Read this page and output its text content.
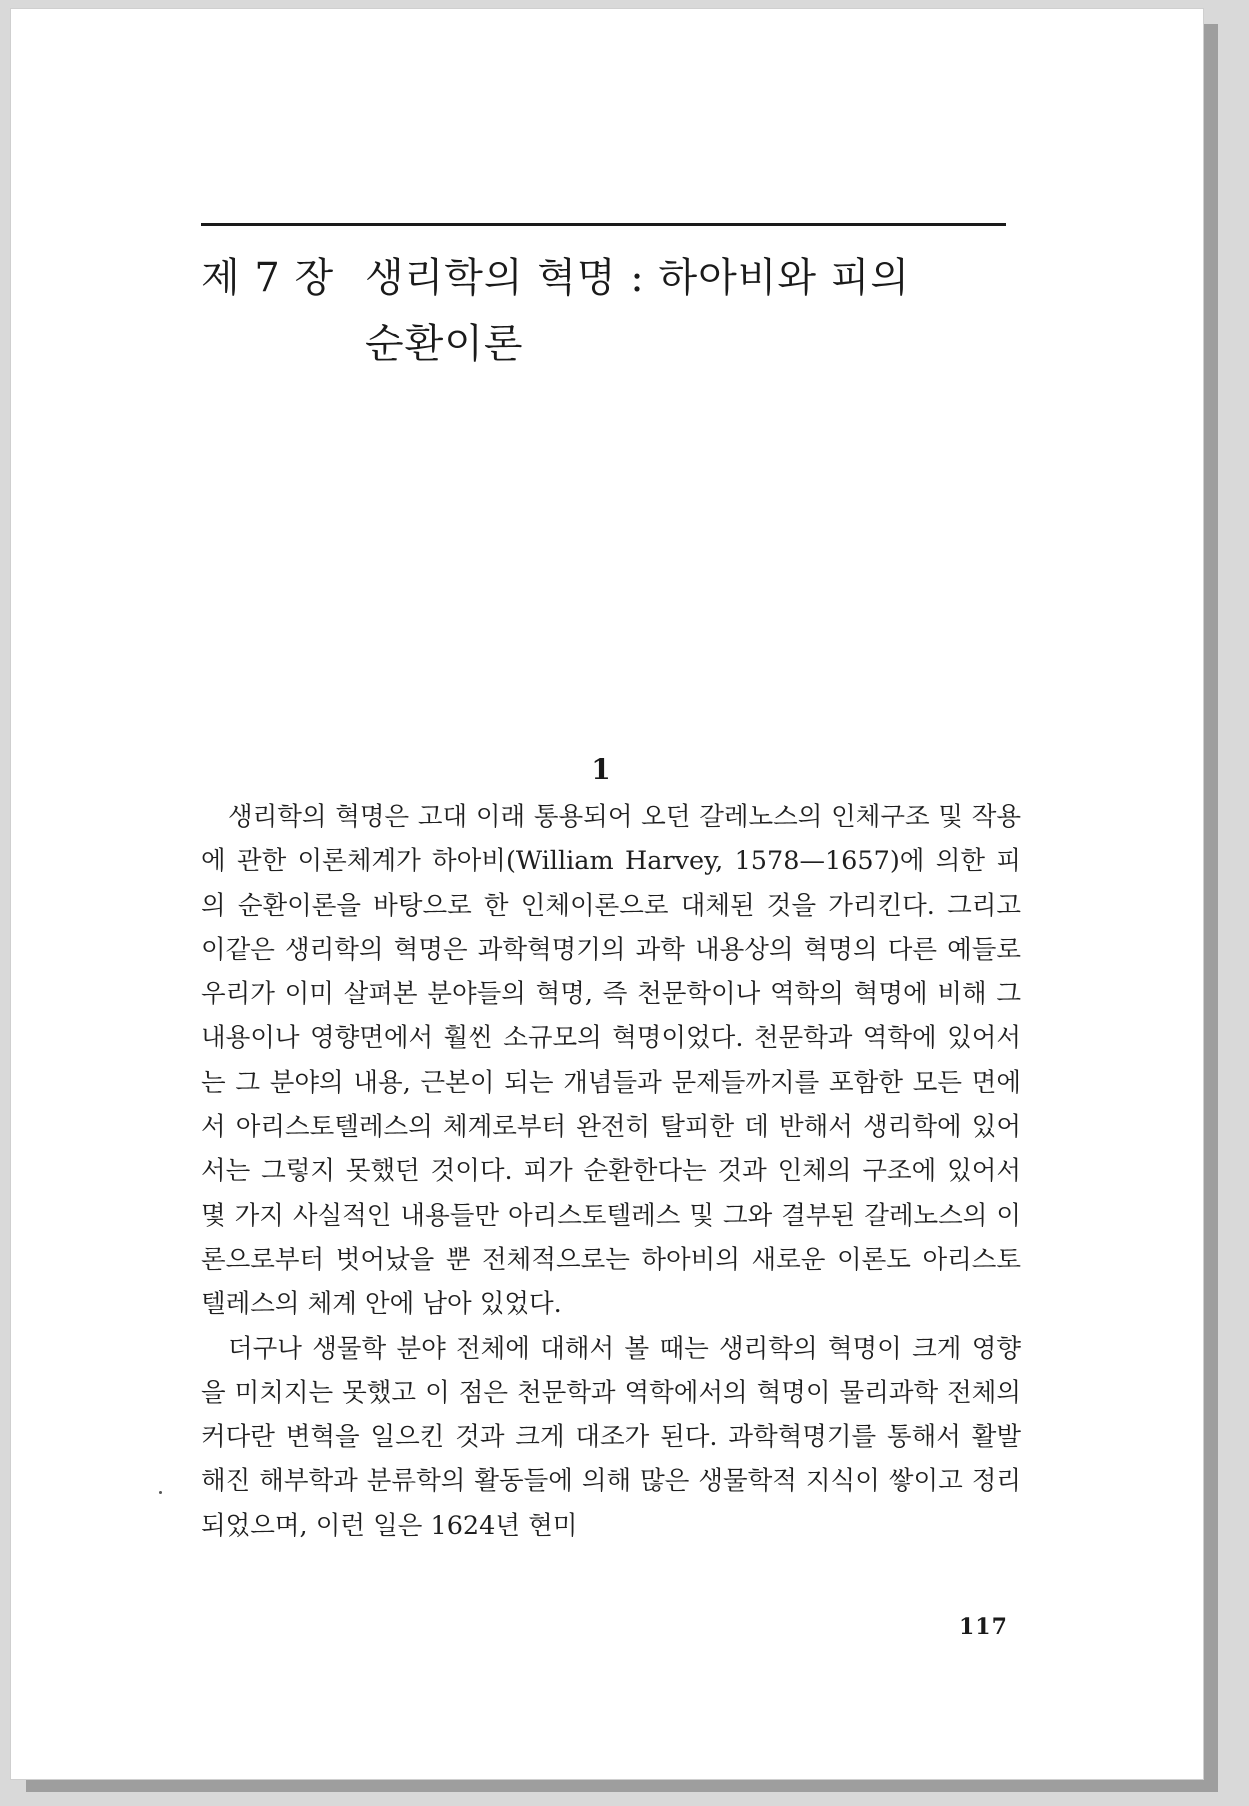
제 7 장 생리학의 혁명 : 하아비와 피의
순환이론
1

생리학의 혁명은 고대 이래 통용되어 오던 갈레노스의 인체구조 및 작용에 관한 이론체계가 하아비(William Harvey, 1578—1657)에 의한 피의 순환이론을 바탕으로 한 인체이론으로 대체된 것을 가리킨다. 그리고 이같은 생리학의 혁명은 과학혁명기의 과학 내용상의 혁명의 다른 예들로 우리가 이미 살펴본 분야들의 혁명, 즉 천문학이나 역학의 혁명에 비해 그 내용이나 영향면에서 훨씬 소규모의 혁명이었다. 천문학과 역학에 있어서는 그 분야의 내용, 근본이 되는 개념들과 문제들까지를 포함한 모든 면에서 아리스토텔레스의 체계로부터 완전히 탈피한 데 반해서 생리학에 있어서는 그렇지 못했던 것이다. 피가 순환한다는 것과 인체의 구조에 있어서 몇 가지 사실적인 내용들만 아리스토텔레스 및 그와 결부된 갈레노스의 이론으로부터 벗어났을 뿐 전체적으로는 하아비의 새로운 이론도 아리스토텔레스의 체계 안에 남아 있었다.

더구나 생물학 분야 전체에 대해서 볼 때는 생리학의 혁명이 크게 영향을 미치지는 못했고 이 점은 천문학과 역학에서의 혁명이 물리과학 전체의 커다란 변혁을 일으킨 것과 크게 대조가 된다. 과학혁명기를 통해서 활발해진 해부학과 분류학의 활동들에 의해 많은 생물학적 지식이 쌓이고 정리되었으며, 이런 일은 1624년 현미

117
